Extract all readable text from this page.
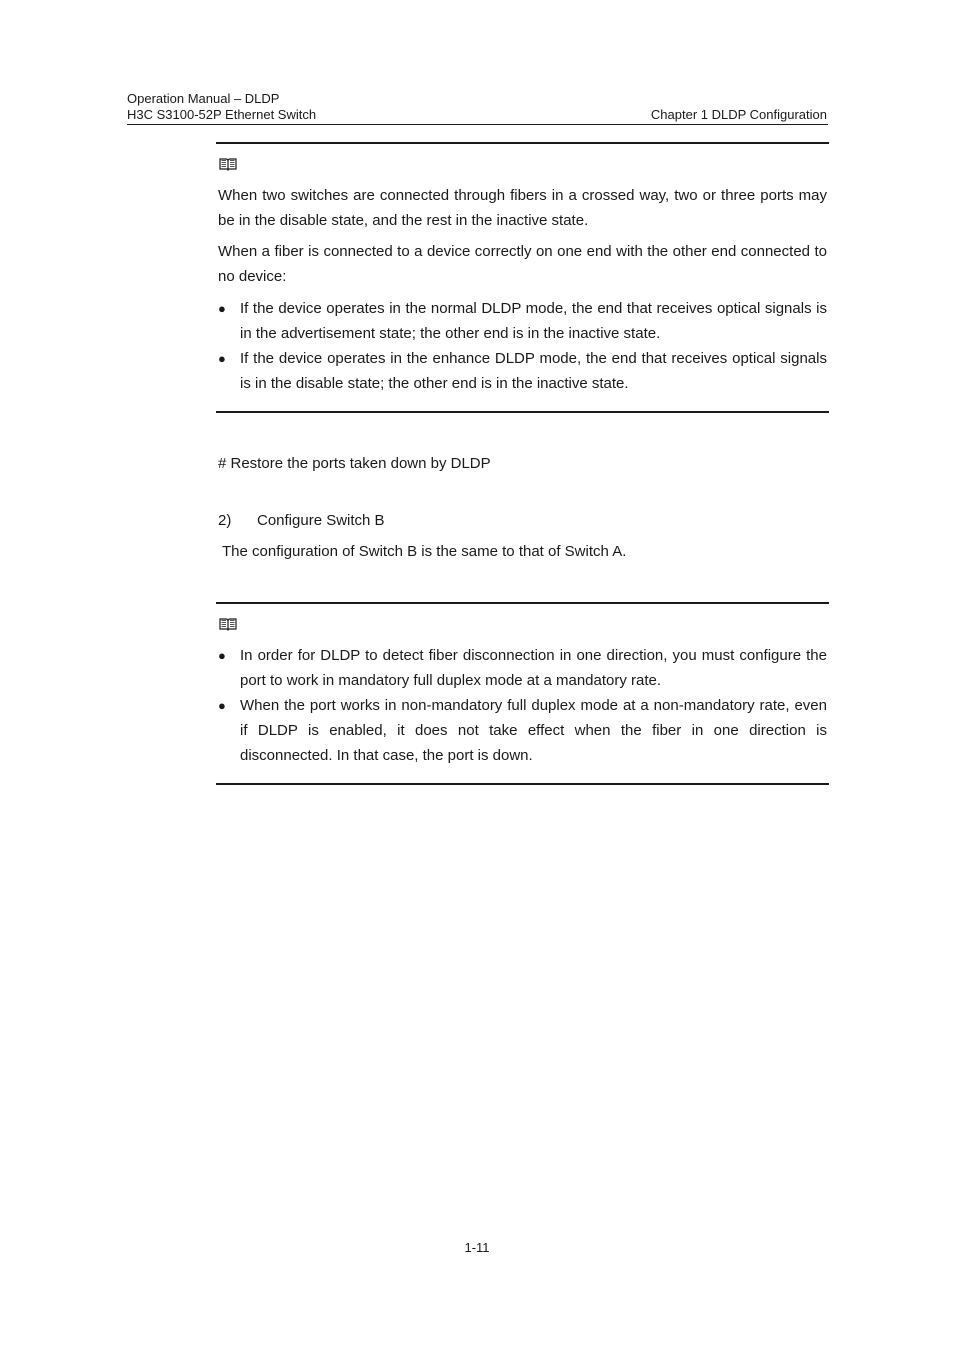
Operation Manual – DLDP
H3C S3100-52P Ethernet Switch	Chapter 1 DLDP Configuration
When two switches are connected through fibers in a crossed way, two or three ports may be in the disable state, and the rest in the inactive state.
When a fiber is connected to a device correctly on one end with the other end connected to no device:
● If the device operates in the normal DLDP mode, the end that receives optical signals is in the advertisement state; the other end is in the inactive state.
● If the device operates in the enhance DLDP mode, the end that receives optical signals is in the disable state; the other end is in the inactive state.
# Restore the ports taken down by DLDP
2) Configure Switch B
The configuration of Switch B is the same to that of Switch A.
● In order for DLDP to detect fiber disconnection in one direction, you must configure the port to work in mandatory full duplex mode at a mandatory rate.
● When the port works in non-mandatory full duplex mode at a non-mandatory rate, even if DLDP is enabled, it does not take effect when the fiber in one direction is disconnected. In that case, the port is down.
1-11
